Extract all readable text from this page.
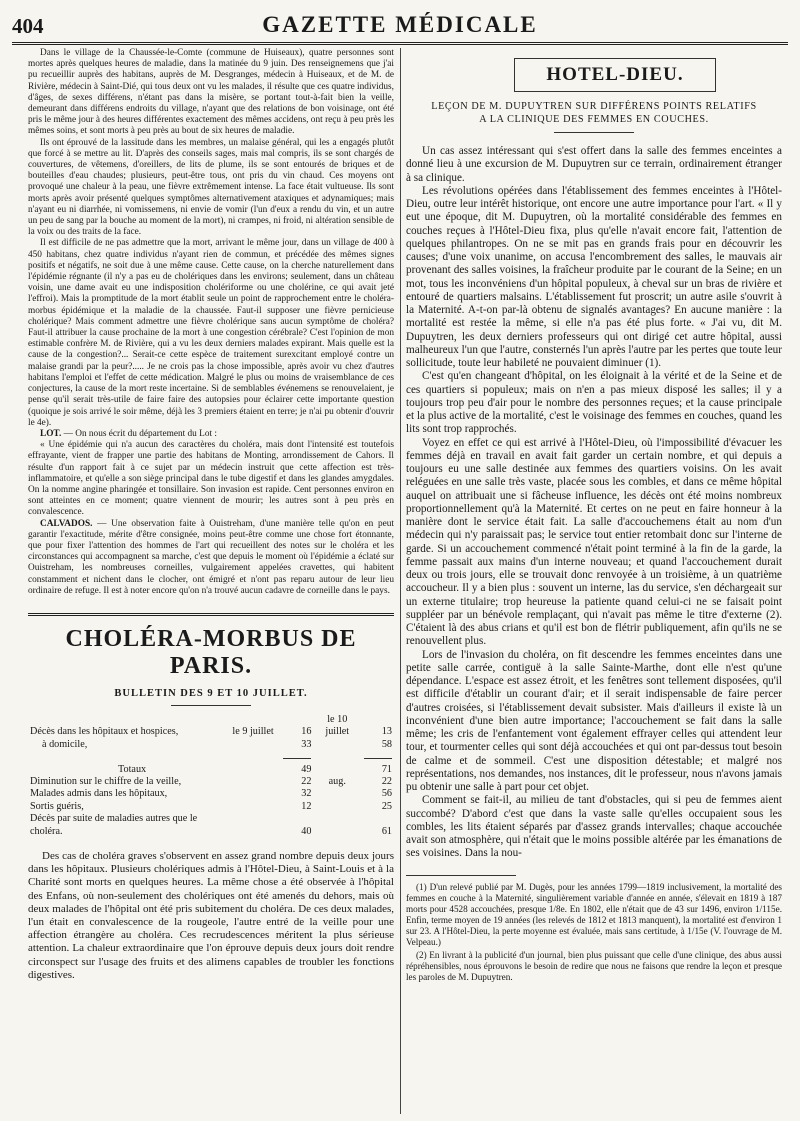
404	GAZETTE MÉDICALE

Dans le village de la Chaussée-le-Comte (commune de Huiseaux), quatre personnes sont mortes après quelques heures de maladie, dans la matinée du 9 juin. Des renseignemens que j'ai pu recueillir auprès des habitans, auprès de M. Desgranges, médecin à Huiseaux, et de M. de Rivière, médecin à Saint-Dié, qui tous deux ont vu les malades, il résulte que ces quatre individus, d'âges, de sexes différens, n'étant pas dans la misère, se portant tout-à-fait bien la veille, demeurant dans différens endroits du village, n'ayant que des relations de bon voisinage, ont été pris le même jour à des heures différentes exactement des mêmes accidens, ont reçu à peu près les mêmes soins, et sont morts à peu près au bout de six heures de maladie.

Ils ont éprouvé de la lassitude dans les membres, un malaise général, qui les a engagés plutôt que forcé à se mettre au lit. D'après des conseils sages, mais mal compris, ils se sont chargés de couvertures, de vêtemens, d'oreillers, de lits de plume, ils se sont entourés de briques et de bouteilles d'eau chaudes; plusieurs, peut-être tous, ont pris du vin chaud. Ces moyens ont provoqué une chaleur à la peau, une fièvre extrêmement intense. La face était vultueuse. Ils sont morts après avoir présenté quelques symptômes alternativement ataxiques et adynamiques; mais n'ayant eu ni diarrhée, ni vomissemens, ni envie de vomir (l'un d'eux a rendu du vin, et un autre un peu de sang par la bouche au moment de la mort), ni crampes, ni froid, ni altération sensible de la voix ou des traits de la face.

Il est difficile de ne pas admettre que la mort, arrivant le même jour, dans un village de 400 à 450 habitans, chez quatre individus n'ayant rien de commun, et précédée des mêmes signes positifs et négatifs, ne soit due à une même cause. Cette cause, on la cherche naturellement dans l'épidémie régnante (il n'y a pas eu de cholériques dans les environs; seulement, dans un château voisin, une dame avait eu une indisposition cholériforme ou une cholérine, ce qui avait jeté l'effroi). Mais la promptitude de la mort établit seule un point de rapprochement entre le choléra-morbus épidémique et la maladie de la chaussée. Faut-il supposer une fièvre pernicieuse cholérique? Mais comment admettre une fièvre cholérique sans aucun symptôme de choléra? Faut-il attribuer la cause prochaine de la mort à une congestion cérébrale? C'est l'opinion de mon estimable confrère M. de Rivière, qui a vu les deux derniers malades expirant. Mais quelle est la cause de la congestion?... Serait-ce cette espèce de traitement surexcitant employé contre un malaise grandi par la peur?..... Je ne crois pas la chose impossible, après avoir vu chez d'autres habitans l'emploi et l'effet de cette médication. Malgré le plus ou moins de vraisemblance de ces conjectures, la cause de la mort reste incertaine. Si de semblables événemens se renouvelaient, je pense qu'il serait très-utile de faire faire des autopsies pour éclairer cette importante question (quoique je sois arrivé le soir même, déjà les 3 premiers étaient en terre; je n'ai pu obtenir d'ouvrir le 4e).

LOT. — On nous écrit du département du Lot :

« Une épidémie qui n'a aucun des caractères du choléra, mais dont l'intensité est toutefois effrayante, vient de frapper une partie des habitans de Monting, arrondissement de Cahors. Il résulte d'un rapport fait à ce sujet par un médecin instruit que cette affection est très-inflammatoire, et qu'elle a son siège principal dans le tube digestif et dans les glandes amygdales. On la nomme angine pharingée et tonsillaire. Son invasion est rapide. Cent personnes environ en sont atteintes en ce moment; quatre viennent de mourir; les autres sont à peu près en convalescence.

CALVADOS. — Une observation faite à Ouistreham, d'une manière telle qu'on en peut garantir l'exactitude, mérite d'être consignée, moins peut-être comme une chose fort étonnante, que pour fixer l'attention des hommes de l'art qui recueillent des notes sur le choléra et les circonstances qui accompagnent sa marche, c'est que depuis le moment où l'épidémie a éclaté sur Ouistreham, les nombreuses corneilles, vulgairement appelées cravettes, qui habitent constamment et nichent dans le clocher, ont émigré et n'ont pas reparu autour de leur lieu ordinaire de refuge. Il est à noter encore qu'on n'a trouvé aucun cadavre de corneille dans le pays.

CHOLÉRA-MORBUS DE PARIS.
BULLETIN DES 9 ET 10 JUILLET.
Décès dans les hôpitaux et hospices,	le 9 juillet	16	le 10 juillet	13
à domicile,		33		58

Totaux		49		71
Diminution sur le chiffre de la veille,		22	aug.	22
Malades admis dans les hôpitaux,		32		56
Sortis guéris,		12		25
Décès par suite de maladies autres que le choléra.		40		61

Des cas de choléra graves s'observent en assez grand nombre depuis deux jours dans les hôpitaux. Plusieurs cholériques admis à l'Hôtel-Dieu, à Saint-Louis et à la Charité sont morts en quelques heures. La même chose a été observée à l'hôpital des Enfans, où non-seulement des cholériques ont été amenés du dehors, mais où deux malades de l'hôpital ont été pris subitement du choléra. De ces deux malades, l'un était en convalescence de la rougeole, l'autre entré de la veille pour une affection étrangère au choléra. Ces recrudescences méritent la plus sérieuse attention. La chaleur extraordinaire que l'on éprouve depuis deux jours doit rendre circonspect sur l'usage des fruits et des alimens capables de troubler les fonctions digestives.

HOTEL-DIEU.
LEÇON DE M. DUPUYTREN SUR DIFFÉRENS POINTS RELATIFS
A LA CLINIQUE DES FEMMES EN COUCHES.

Un cas assez intéressant qui s'est offert dans la salle des femmes enceintes a donné lieu à une excursion de M. Dupuytren sur ce terrain, ordinairement étranger à sa clinique.

Les révolutions opérées dans l'établissement des femmes enceintes à l'Hôtel-Dieu, outre leur intérêt historique, ont encore une autre importance pour l'art. « Il y eut une époque, dit M. Dupuytren, où la mortalité considérable des femmes en couches reçues à l'Hôtel-Dieu fixa, plus qu'elle n'avait encore fait, l'attention de quelques philantropes. On ne se mit pas en grands frais pour en découvrir les causes; d'une voix unanime, on accusa l'encombrement des salles, le mauvais air provenant des salles voisines, la fraîcheur produite par le courant de la Seine; en un mot, tous les inconvéniens d'un hôpital populeux, à cheval sur un bras de rivière et entouré de quartiers malsains. L'établissement fut proscrit; un autre asile s'ouvrit à la Maternité. A-t-on par-là obtenu de signalés avantages? En aucune manière : la mortalité est restée la même, si elle n'a pas été plus forte. « J'ai vu, dit M. Dupuytren, les deux derniers professeurs qui ont dirigé cet autre hôpital, aussi malheureux l'un que l'autre, consternés l'un après l'autre par les pertes que toute leur sollicitude, toute leur habileté ne pouvaient diminuer (1).

C'est qu'en changeant d'hôpital, on les éloignait à la vérité et de la Seine et de ces quartiers si populeux; mais on n'en a pas mieux disposé les salles; il y a toujours trop peu d'air pour le nombre des personnes reçues; et la cause principale et la plus active de la mortalité, c'est le voisinage des femmes en couches, quand les lits sont trop rapprochés.

Voyez en effet ce qui est arrivé à l'Hôtel-Dieu, où l'impossibilité d'évacuer les femmes déjà en travail en avait fait garder un certain nombre, et qui depuis a toujours eu une salle destinée aux femmes des quartiers voisins. On les avait reléguées en une salle très vaste, placée sous les combles, et dans ce même hôpital auquel on attribuait une si fâcheuse influence, les décès ont été moins nombreux proportionnellement qu'à la Maternité. Et certes on ne peut en faire honneur à la manière dont le service était fait. La salle d'accouchemens était au nom d'un médecin qui n'y paraissait pas; le service tout entier retombait donc sur l'interne de garde. Si un accouchement commencé n'était point terminé à la fin de la garde, la femme passait aux mains d'un interne nouveau; et quand l'accouchement durait deux ou trois jours, elle se trouvait donc renvoyée à un troisième, à un quatrième accoucheur. Il y a bien plus : souvent un interne, las du service, s'en déchargeait sur un externe titulaire; trop heureuse la patiente quand celui-ci ne se faisait point suppléer par un bénévole remplaçant, qui n'avait pas même le titre d'externe (2). C'étaient là des abus crians et qu'il est bon de flétrir publiquement, afin qu'ils ne se renouvellent plus.

Lors de l'invasion du choléra, on fit descendre les femmes enceintes dans une petite salle carrée, contiguë à la salle Sainte-Marthe, dont elle n'est qu'une dépendance. L'espace est assez étroit, et les fenêtres sont tellement disposées, qu'il est difficile d'établir un courant d'air; et il serait indispensable de faire percer d'autres croisées, si l'établissement devait subsister. Mais d'ailleurs il existe là un inconvénient d'une bien autre importance; l'accouchement se fait dans la salle même; les cris de l'enfantement vont également effrayer celles qui attendent leur tour, et tourmenter celles qui sont déjà accouchées et qui ont par-dessus tout besoin de calme et de sommeil. C'est une disposition détestable; et malgré nos représentations, nos demandes, nos instances, dit le professeur, nous n'avons jamais pu obtenir une salle à part pour cet objet.

Comment se fait-il, au milieu de tant d'obstacles, qui si peu de femmes aient succombé? D'abord c'est que dans la vaste salle qu'elles occupaient sous les combles, les lits étaient séparés par d'assez grands intervalles; chaque accouchée avait son atmosphère, qui n'était que le moins possible altérée par les émanations de ses voisines. Dans la nou-

(1) D'un relevé publié par M. Dugès, pour les années 1799—1819 inclusivement, la mortalité des femmes en couche à la Maternité, singulièrement variable d'année en année, s'élevait en 1819 à 187 morts pour 4528 accouchées, presque 1/8e. En 1802, elle n'était que de 43 sur 1496, environ 1/115e. Enfin, terme moyen de 19 années (les relevés de 1812 et 1813 manquent), la mortalité est d'environ 1 sur 23. A l'Hôtel-Dieu, la perte moyenne est évaluée, mais sans certitude, à 1/15e (V. l'ouvrage de M. Velpeau.)

(2) En livrant à la publicité d'un journal, bien plus puissant que celle d'une clinique, des abus aussi répréhensibles, nous éprouvons le besoin de redire que nous ne faisons que rendre la leçon et presque les paroles de M. Dupuytren.
